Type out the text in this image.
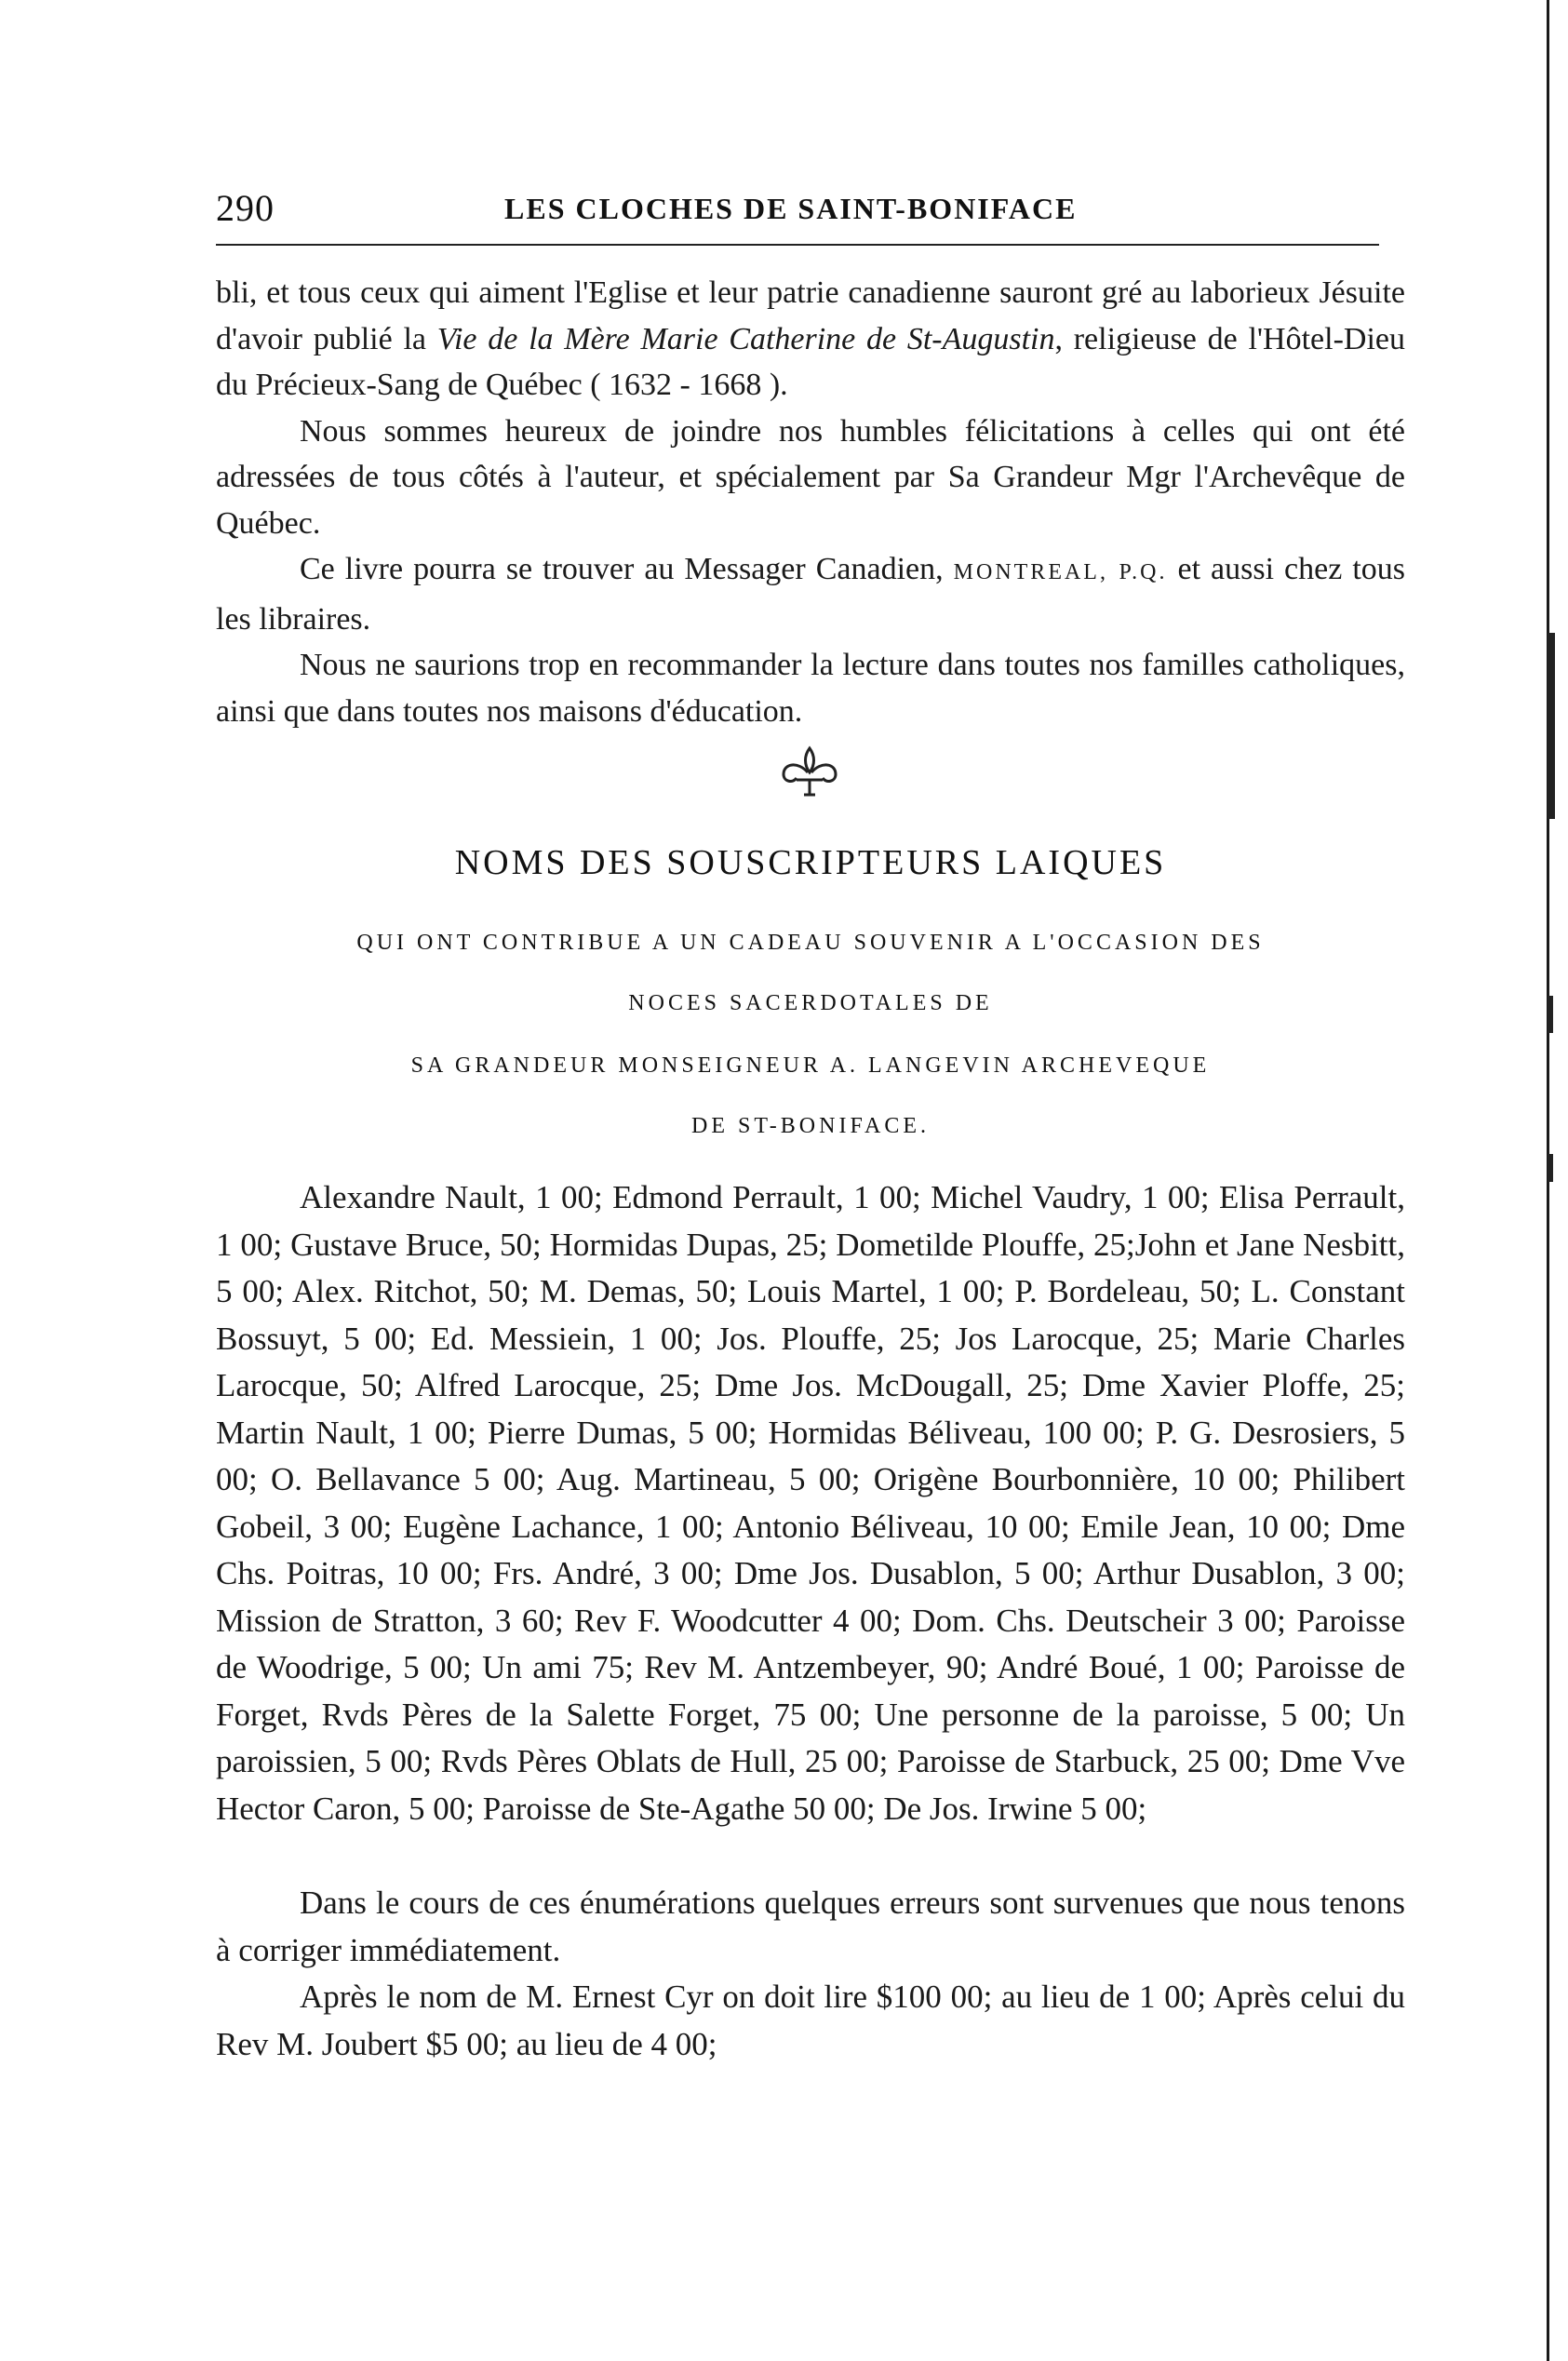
290	LES CLOCHES DE SAINT-BONIFACE

bli, et tous ceux qui aiment l'Eglise et leur patrie canadienne sauront gré au laborieux Jésuite d'avoir publié la Vie de la Mère Marie Catherine de St-Augustin, religieuse de l'Hôtel-Dieu du Précieux-Sang de Québec ( 1632 - 1668 ).

Nous sommes heureux de joindre nos humbles félicitations à celles qui ont été adressées de tous côtés à l'auteur, et spécialement par Sa Grandeur Mgr l'Archevêque de Québec.

Ce livre pourra se trouver au Messager Canadien, MONTREAL, P.Q. et aussi chez tous les libraires.

Nous ne saurions trop en recommander la lecture dans toutes nos familles catholiques, ainsi que dans toutes nos maisons d'éducation.

NOMS DES SOUSCRIPTEURS LAIQUES
QUI ONT CONTRIBUE A UN CADEAU SOUVENIR A L'OCCASION DES
NOCES SACERDOTALES DE
SA GRANDEUR MONSEIGNEUR A. LANGEVIN ARCHEVEQUE
DE ST-BONIFACE.

Alexandre Nault, 1 00; Edmond Perrault, 1 00; Michel Vaudry, 1 00; Elisa Perrault, 1 00; Gustave Bruce, 50; Hormidas Dupas, 25; Dometilde Plouffe, 25;John et Jane Nesbitt, 5 00; Alex. Ritchot, 50; M. Demas, 50; Louis Martel, 1 00; P. Bordeleau, 50; L. Constant Bossuyt, 5 00; Ed. Messiein, 1 00; Jos. Plouffe, 25; Jos Larocque, 25; Marie Charles Larocque, 50; Alfred Larocque, 25; Dme Jos. McDougall, 25; Dme Xavier Ploffe, 25; Martin Nault, 1 00; Pierre Dumas, 5 00; Hormidas Béliveau, 100 00; P. G. Desrosiers, 5 00; O. Bellavance 5 00; Aug. Martineau, 5 00; Origène Bourbonnière, 10 00; Philibert Gobeil, 3 00; Eugène Lachance, 1 00; Antonio Béliveau, 10 00; Emile Jean, 10 00; Dme Chs. Poitras, 10 00; Frs. André, 3 00; Dme Jos. Dusablon, 5 00; Arthur Dusablon, 3 00; Mission de Stratton, 3 60; Rev F. Woodcutter 4 00; Dom. Chs. Deutscheir 3 00; Paroisse de Woodrige, 5 00; Un ami 75; Rev M. Antzembeyer, 90; André Boué, 1 00; Paroisse de Forget, Rvds Pères de la Salette Forget, 75 00; Une personne de la paroisse, 5 00; Un paroissien, 5 00; Rvds Pères Oblats de Hull, 25 00; Paroisse de Starbuck, 25 00; Dme Vve Hector Caron, 5 00; Paroisse de Ste-Agathe 50 00; De Jos. Irwine 5 00;

Dans le cours de ces énumérations quelques erreurs sont survenues que nous tenons à corriger immédiatement.

Après le nom de M. Ernest Cyr on doit lire $100 00; au lieu de 1 00; Après celui du Rev M. Joubert $5 00; au lieu de 4 00;
